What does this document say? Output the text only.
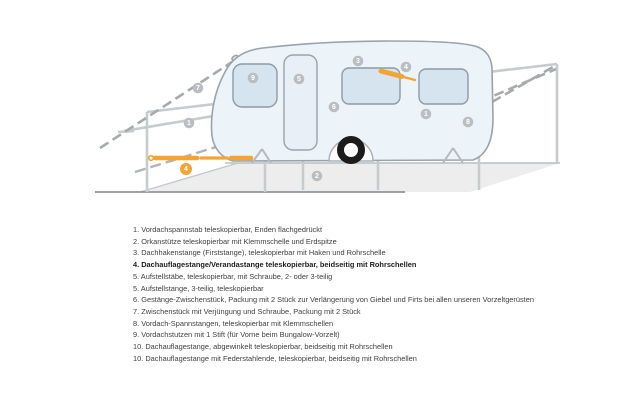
7
1
9	5
3
4
6
1
8
2
4
1. Vordachspannstab teleskopierbar, Enden flachgedrückt
2. Orkanstütze teleskopierbar mit Klemmschelle und Erdspitze
3. Dachhakenstange (Firststange), teleskopierbar mit Haken und Rohrschelle
4. Dachauflagestange/Verandastange teleskopierbar, beidseitig mit Rohrschellen
5. Aufstellstäbe, teleskopierbar, mit Schraube, 2- oder 3-teilig
5. Aufstellstange, 3-teilig, teleskopierbar
6. Gestänge-Zwischenstück, Packung mit 2 Stück zur Verlängerung von Giebel und Firts bei allen unseren Vorzeltgerüsten
7. Zwischenstück mit Verjüngung und Schraube, Packung mit 2 Stück
8. Vordach-Spannstangen, teleskopierbar mit Klemmschellen
9. Vordachstutzen mit 1 Stift (für Vorne beim Bungalow-Vorzelt)
10. Dachauflagestange, abgewinkelt teleskopierbar, beidseitig mit Rohrschellen
10. Dachauflagestange mit Federstahlende, teleskopierbar, beidseitig mit Rohrschellen
